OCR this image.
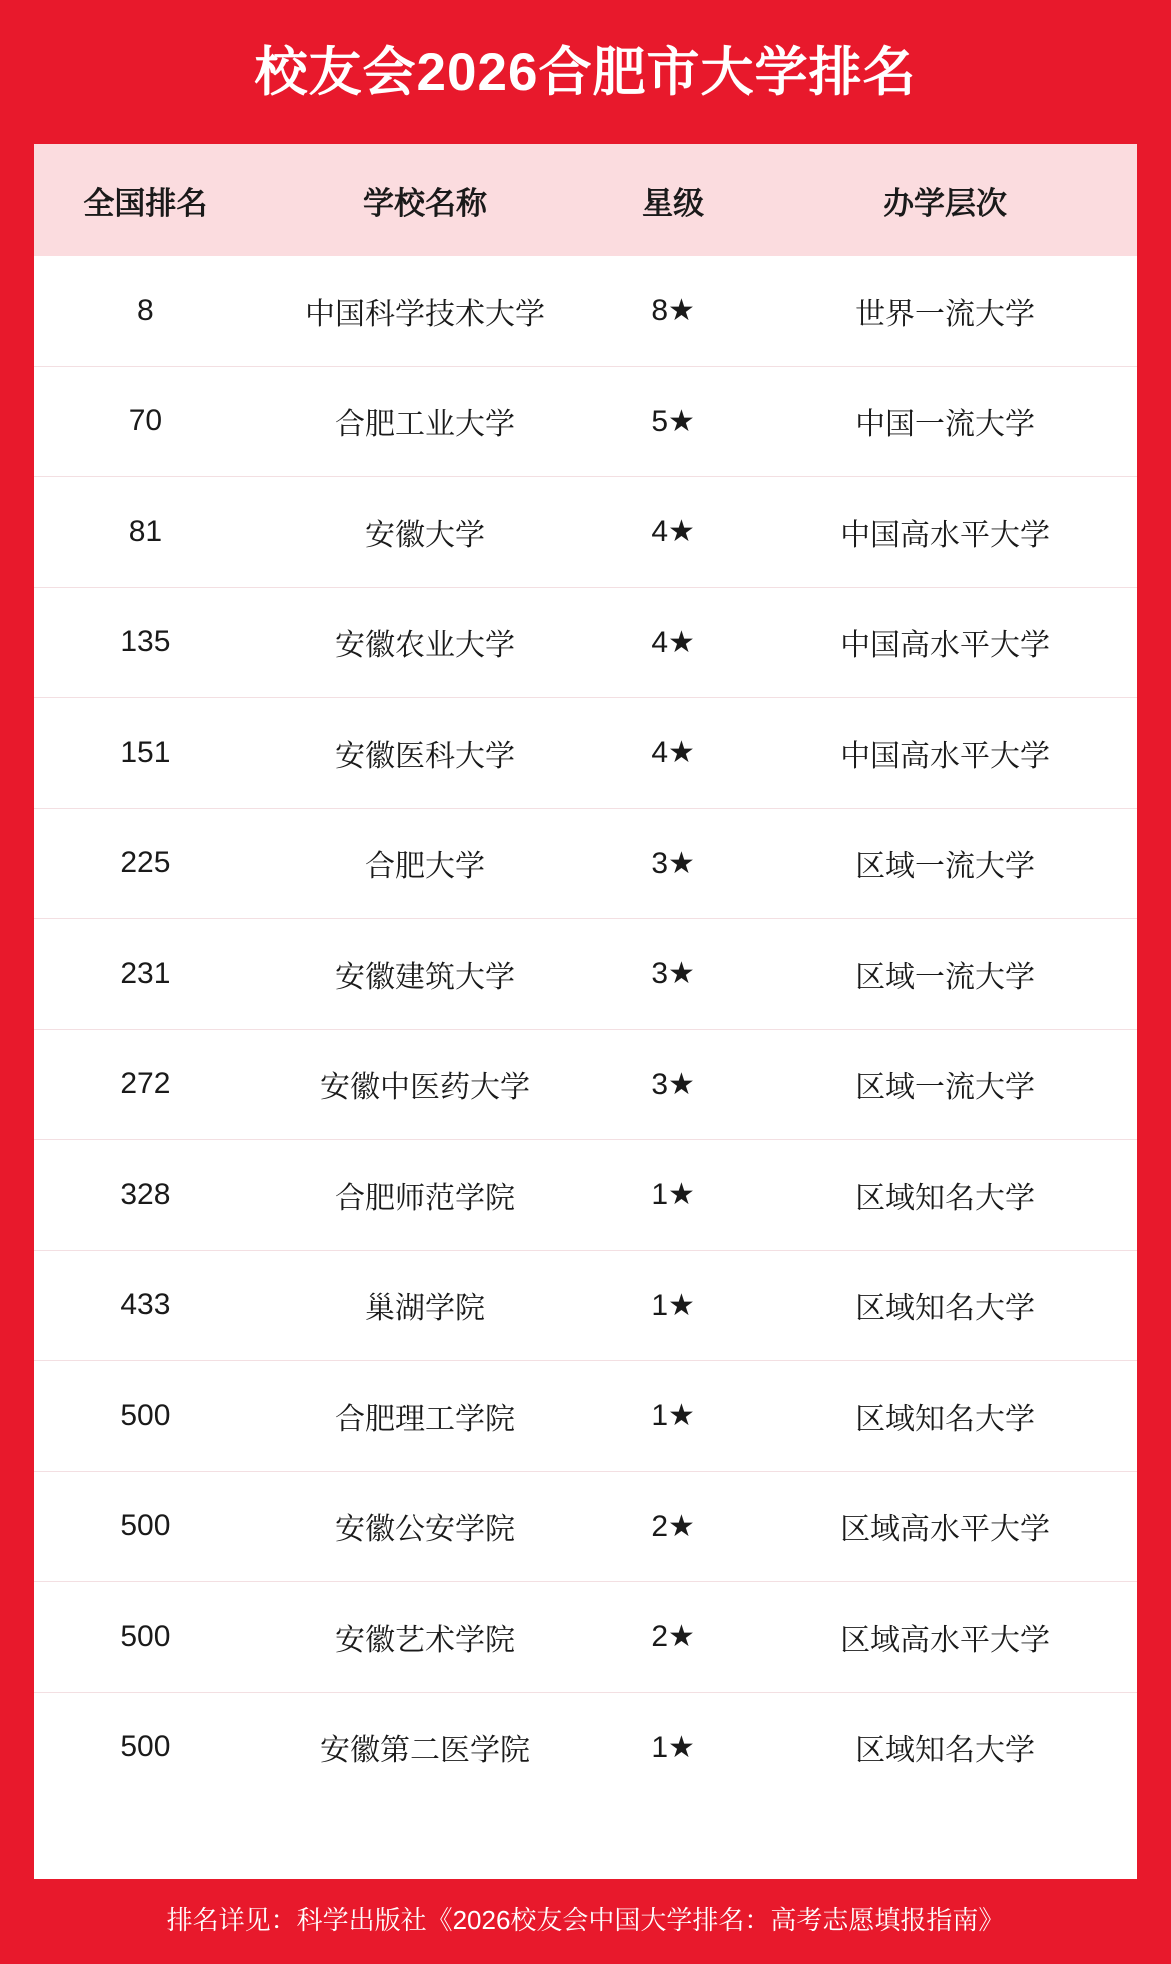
校友会2026合肥市大学排名
全国排名	学校名称	星级	办学层次
8	中国科学技术大学	8★	世界一流大学
70	合肥工业大学	5★	中国一流大学
81	安徽大学	4★	中国高水平大学
135	安徽农业大学	4★	中国高水平大学
151	安徽医科大学	4★	中国高水平大学
225	合肥大学	3★	区域一流大学
231	安徽建筑大学	3★	区域一流大学
272	安徽中医药大学	3★	区域一流大学
328	合肥师范学院	1★	区域知名大学
433	巢湖学院	1★	区域知名大学
500	合肥理工学院	1★	区域知名大学
500	安徽公安学院	2★	区域高水平大学
500	安徽艺术学院	2★	区域高水平大学
500	安徽第二医学院	1★	区域知名大学
排名详见：科学出版社《2026校友会中国大学排名：高考志愿填报指南》
